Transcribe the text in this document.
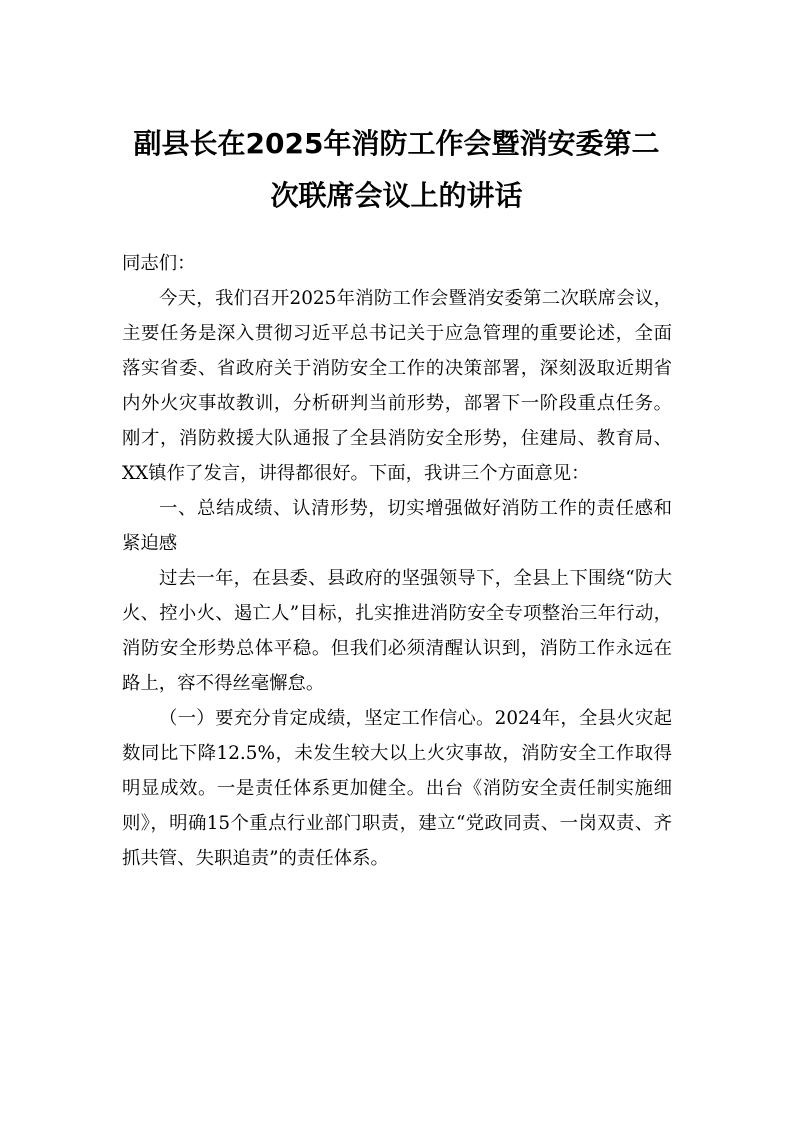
副县长在2025年消防工作会暨消安委第二
次联席会议上的讲话

同志们：

今天，我们召开2025年消防工作会暨消安委第二次联席会议，主要任务是深入贯彻习近平总书记关于应急管理的重要论述，全面落实省委、省政府关于消防安全工作的决策部署，深刻汲取近期省内外火灾事故教训，分析研判当前形势，部署下一阶段重点任务。刚才，消防救援大队通报了全县消防安全形势，住建局、教育局、XX镇作了发言，讲得都很好。下面，我讲三个方面意见：

一、总结成绩、认清形势，切实增强做好消防工作的责任感和紧迫感

过去一年，在县委、县政府的坚强领导下，全县上下围绕“防大火、控小火、遏亡人”目标，扎实推进消防安全专项整治三年行动，消防安全形势总体平稳。但我们必须清醒认识到，消防工作永远在路上，容不得丝毫懈怠。

（一）要充分肯定成绩，坚定工作信心。2024年，全县火灾起数同比下降12.5%，未发生较大以上火灾事故，消防安全工作取得明显成效。一是责任体系更加健全。出台《消防安全责任制实施细则》，明确15个重点行业部门职责，建立“党政同责、一岗双责、齐抓共管、失职追责”的责任体系。
